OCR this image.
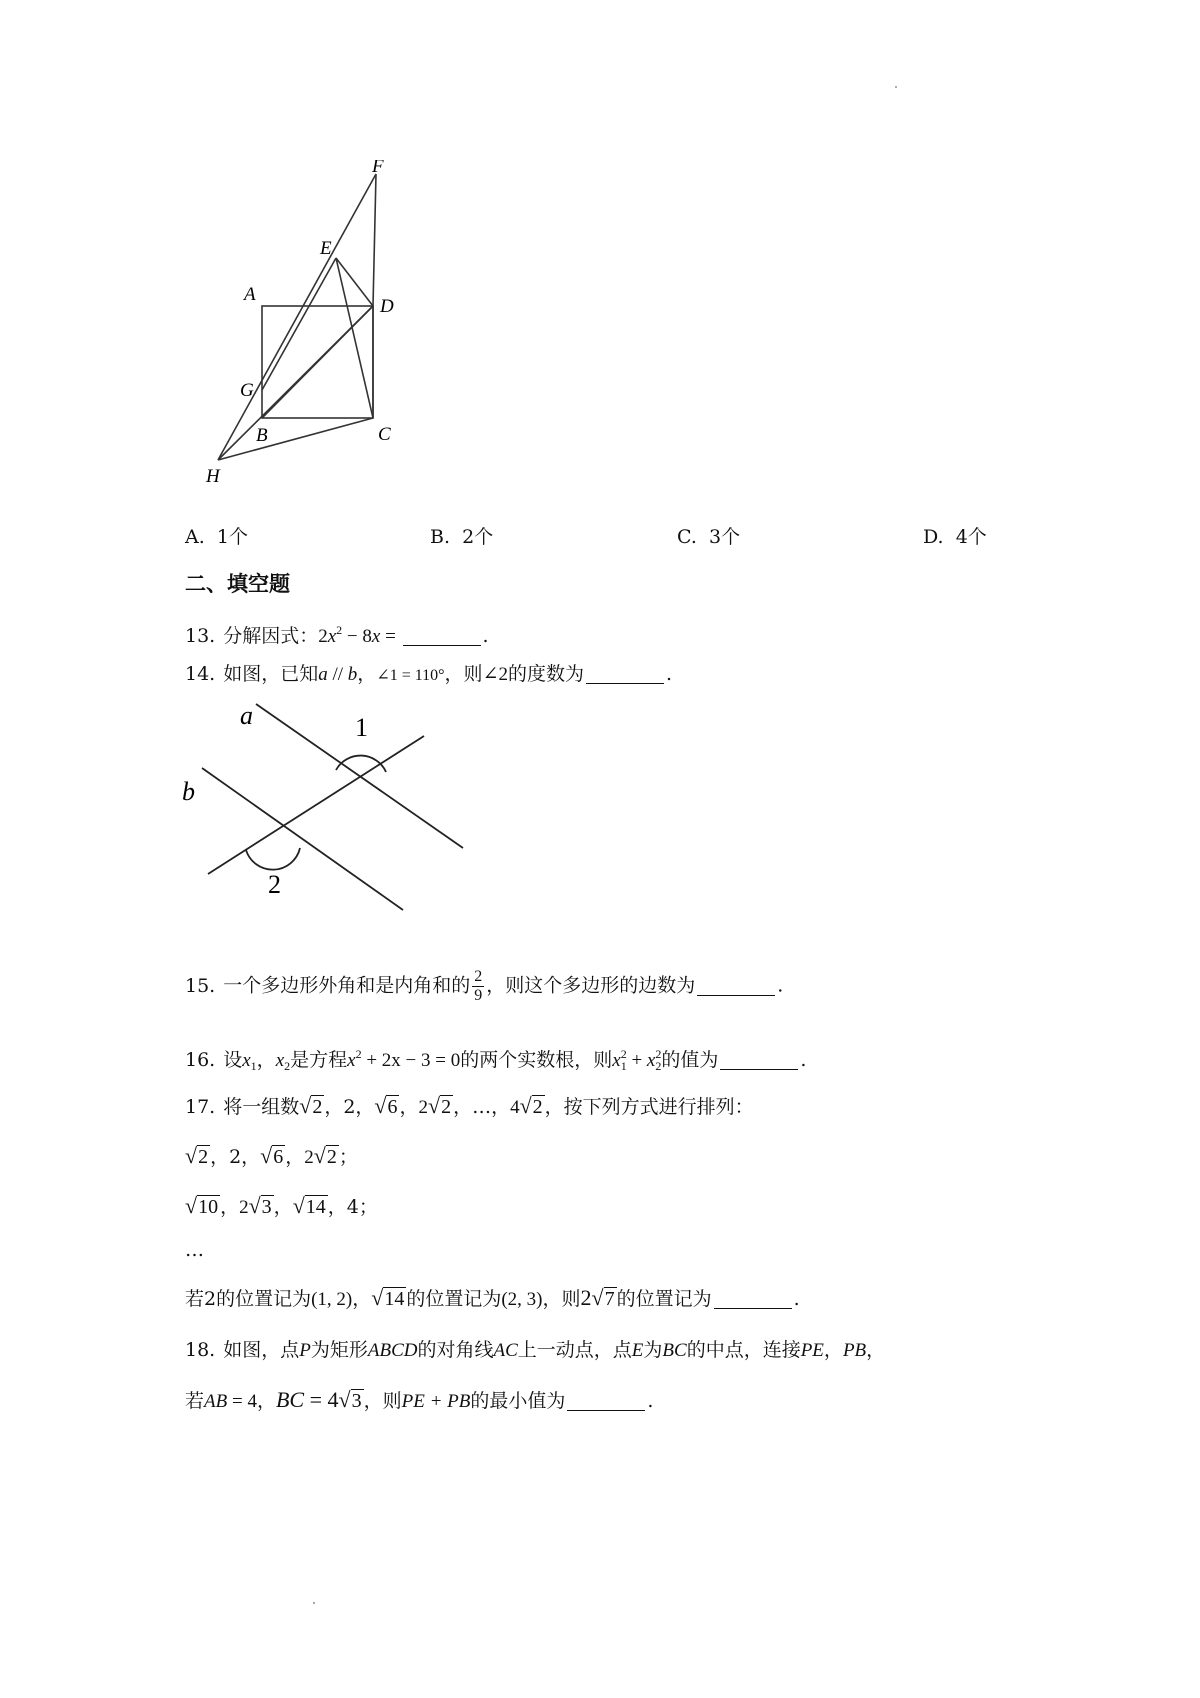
F
E
A
D
G
B	C
H
A. 1个	B. 2个	C. 3个	D. 4个
二、填空题
13. 分解因式：$2x^2 - 8x$ =	.
14. 如图，已知a // b，∠1 = 110°，则∠2的度数为	.
a
b
1
2
15. 一个多边形外角和是内角和的 $\frac{2}{9}$ ，则这个多边形的边数为	.
16. 设$x_1$，$x_2$是方程$x^2 + 2x - 3 = 0$的两个实数根，则$x_1^2 + x_2^2$的值为	.
17. 将一组数√2 ，2，√6 ，2√2 ，…，4√2 ，按下列方式进行排列：
√2 ，2，√6 ，2√2 ；
√10 ，2√3 ，√14 ，4；
…
若2的位置记为(1, 2)，√14 的位置记为(2, 3)，则2√7 的位置记为	.
18. 如图，点P为矩形ABCD的对角线AC上一动点，点E为BC的中点，连接PE，PB，
若AB = 4，BC = 4√3 ，则PE + PB的最小值为	.
